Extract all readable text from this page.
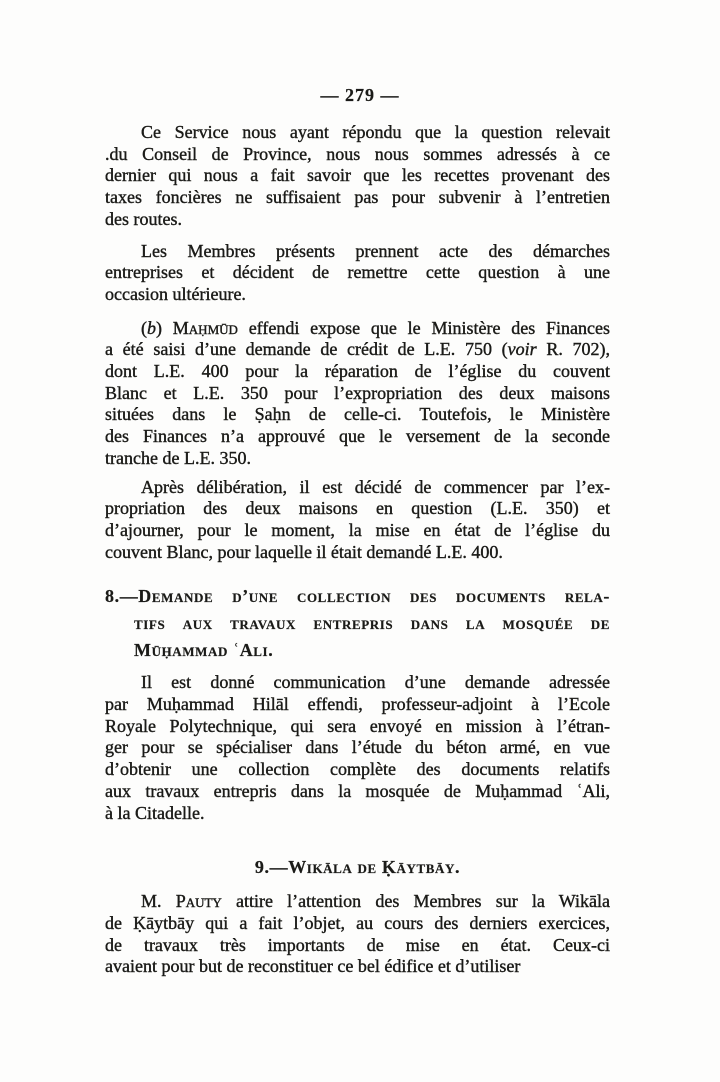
— 279 —
Ce Service nous ayant répondu que la question relevait
.du Conseil de Province, nous nous sommes adressés à ce
dernier qui nous a fait savoir que les recettes provenant des
taxes foncières ne suffisaient pas pour subvenir à l’entretien
des routes.
Les Membres présents prennent acte des démarches
entreprises et décident de remettre cette question à une
occasion ultérieure.
(b) Maḥmūd effendi expose que le Ministère des Finances
a été saisi d’une demande de crédit de L.E. 750 (voir R. 702),
dont L.E. 400 pour la réparation de l’église du couvent
Blanc et L.E. 350 pour l’expropriation des deux maisons
situées dans le Ṣaḥn de celle-ci. Toutefois, le Ministère
des Finances n’a approuvé que le versement de la seconde
tranche de L.E. 350.
Après délibération, il est décidé de commencer par l’ex-
propriation des deux maisons en question (L.E. 350) et
d’ajourner, pour le moment, la mise en état de l’église du
couvent Blanc, pour laquelle il était demandé L.E. 400.
8.—Demande d’une collection des documents rela-
tifs aux travaux entrepris dans la mosquée de
Mūḥammad ʿAli.
Il est donné communication d’une demande adressée
par Muḥammad Hilāl effendi, professeur-adjoint à l’Ecole
Royale Polytechnique, qui sera envoyé en mission à l’étran-
ger pour se spécialiser dans l’étude du béton armé, en vue
d’obtenir une collection complète des documents relatifs
aux travaux entrepris dans la mosquée de Muḥammad ʿAli,
à la Citadelle.
9.—Wikāla de Ḳāytbāy.
M. Pauty attire l’attention des Membres sur la Wikāla
de Ḳāytbāy qui a fait l’objet, au cours des derniers exercices,
de travaux très importants de mise en état. Ceux-ci
avaient pour but de reconstituer ce bel édifice et d’utiliser
